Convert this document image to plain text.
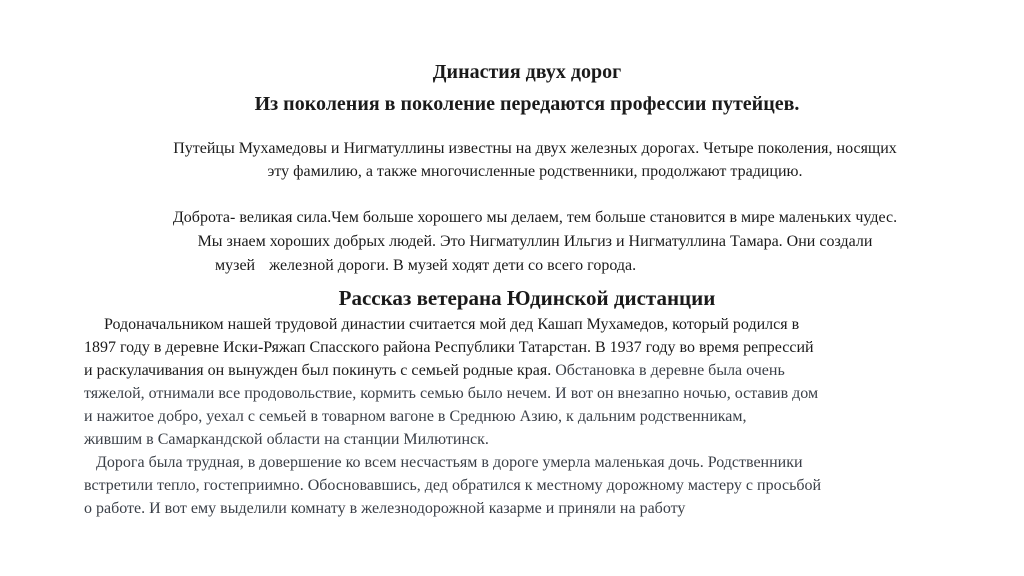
Династия двух дорог
Из поколения в поколение передаются профессии путейцев.
Путейцы Мухамедовы и Нигматуллины известны на двух железных дорогах. Четыре поколения, носящих
эту фамилию, а также многочисленные родственники, продолжают традицию.
Доброта- великая сила.Чем больше хорошего мы делаем, тем больше становится в мире маленьких чудес.
Мы знаем хороших добрых людей. Это Нигматуллин Ильгиз и Нигматуллина Тамара. Они создали
музей железной дороги. В музей ходят дети со всего города.
Рассказ ветерана Юдинской дистанции
Родоначальником нашей трудовой династии считается мой дед Кашап Мухамедов, который родился в
1897 году в деревне Иски-Ряжап Спасского района Республики Татарстан. В 1937 году во время репрессий
и раскулачивания он вынужден был покинуть с семьей родные края. Обстановка в деревне была очень
тяжелой, отнимали все продовольствие, кормить семью было нечем. И вот он внезапно ночью, оставив дом
и нажитое добро, уехал с семьей в товарном вагоне в Среднюю Азию, к дальним родственникам,
жившим в Самаркандской области на станции Милютинск.
Дорога была трудная, в довершение ко всем несчастьям в дороге умерла маленькая дочь. Родственники
встретили тепло, гостеприимно. Обосновавшись, дед обратился к местному дорожному мастеру с просьбой
о работе. И вот ему выделили комнату в железнодорожной казарме и приняли на работу
